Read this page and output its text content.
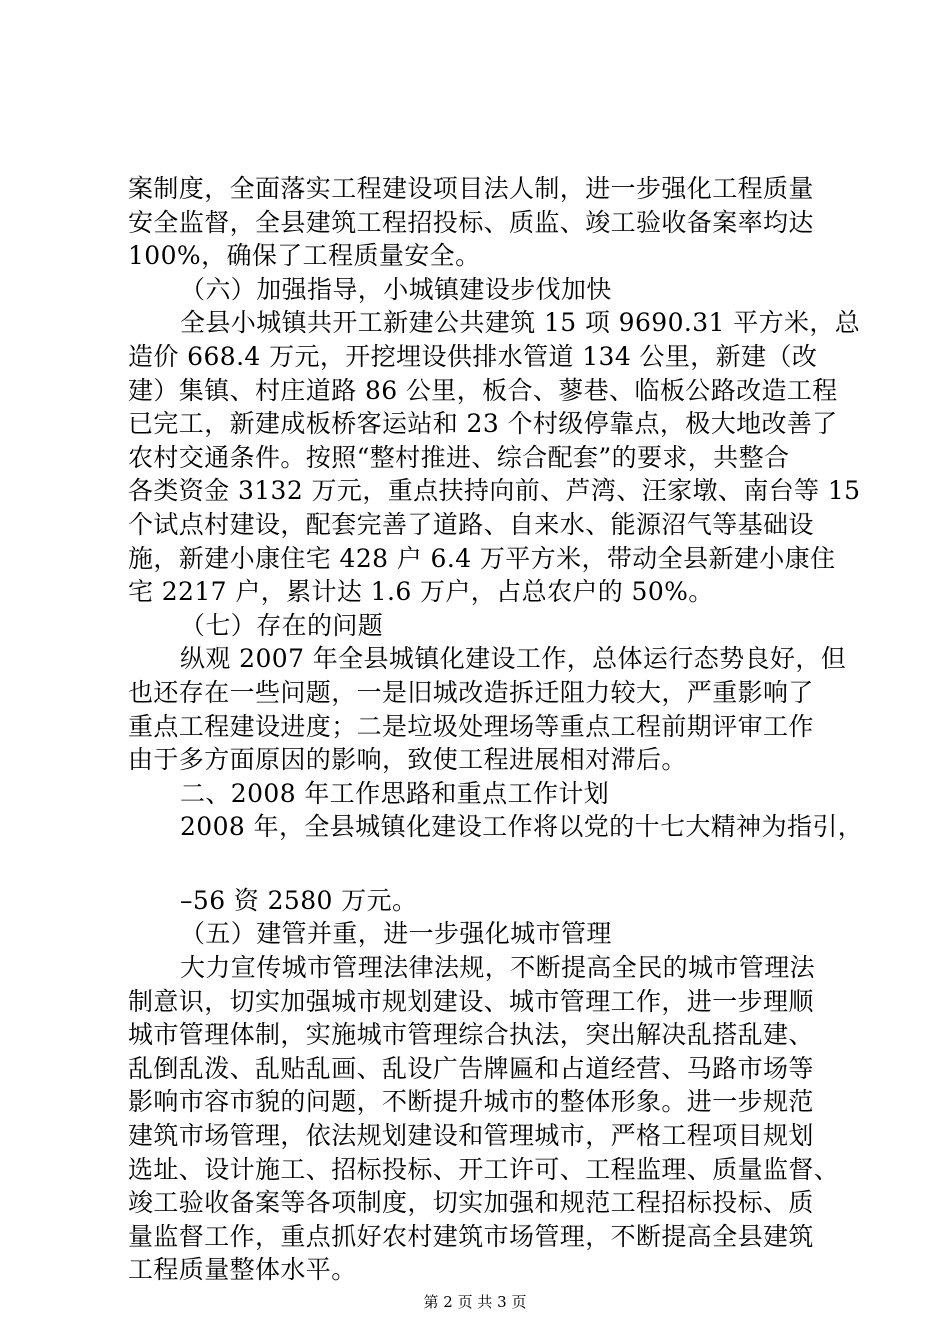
案制度，全面落实工程建设项目法人制，进一步强化工程质量
安全监督，全县建筑工程招投标、质监、竣工验收备案率均达
100%，确保了工程质量安全。
（六）加强指导，小城镇建设步伐加快
全县小城镇共开工新建公共建筑 15 项 9690.31 平方米，总
造价 668.4 万元，开挖埋设供排水管道 134 公里，新建（改
建）集镇、村庄道路 86 公里，板合、蓼巷、临板公路改造工程
已完工，新建成板桥客运站和 23 个村级停靠点，极大地改善了
农村交通条件。按照“整村推进、综合配套”的要求，共整合
各类资金 3132 万元，重点扶持向前、芦湾、汪家墩、南台等 15
个试点村建设，配套完善了道路、自来水、能源沼气等基础设
施，新建小康住宅 428 户 6.4 万平方米，带动全县新建小康住
宅 2217 户，累计达 1.6 万户，占总农户的 50%。
（七）存在的问题
纵观 2007 年全县城镇化建设工作，总体运行态势良好，但
也还存在一些问题，一是旧城改造拆迁阻力较大，严重影响了
重点工程建设进度；二是垃圾处理场等重点工程前期评审工作
由于多方面原因的影响，致使工程进展相对滞后。
二、2008 年工作思路和重点工作计划
2008 年，全县城镇化建设工作将以党的十七大精神为指引，
–56 资 2580 万元。
（五）建管并重，进一步强化城市管理
大力宣传城市管理法律法规，不断提高全民的城市管理法
制意识，切实加强城市规划建设、城市管理工作，进一步理顺
城市管理体制，实施城市管理综合执法，突出解决乱搭乱建、
乱倒乱泼、乱贴乱画、乱设广告牌匾和占道经营、马路市场等
影响市容市貌的问题，不断提升城市的整体形象。进一步规范
建筑市场管理，依法规划建设和管理城市，严格工程项目规划
选址、设计施工、招标投标、开工许可、工程监理、质量监督、
竣工验收备案等各项制度，切实加强和规范工程招标投标、质
量监督工作，重点抓好农村建筑市场管理，不断提高全县建筑
工程质量整体水平。
第 2 页 共 3 页
